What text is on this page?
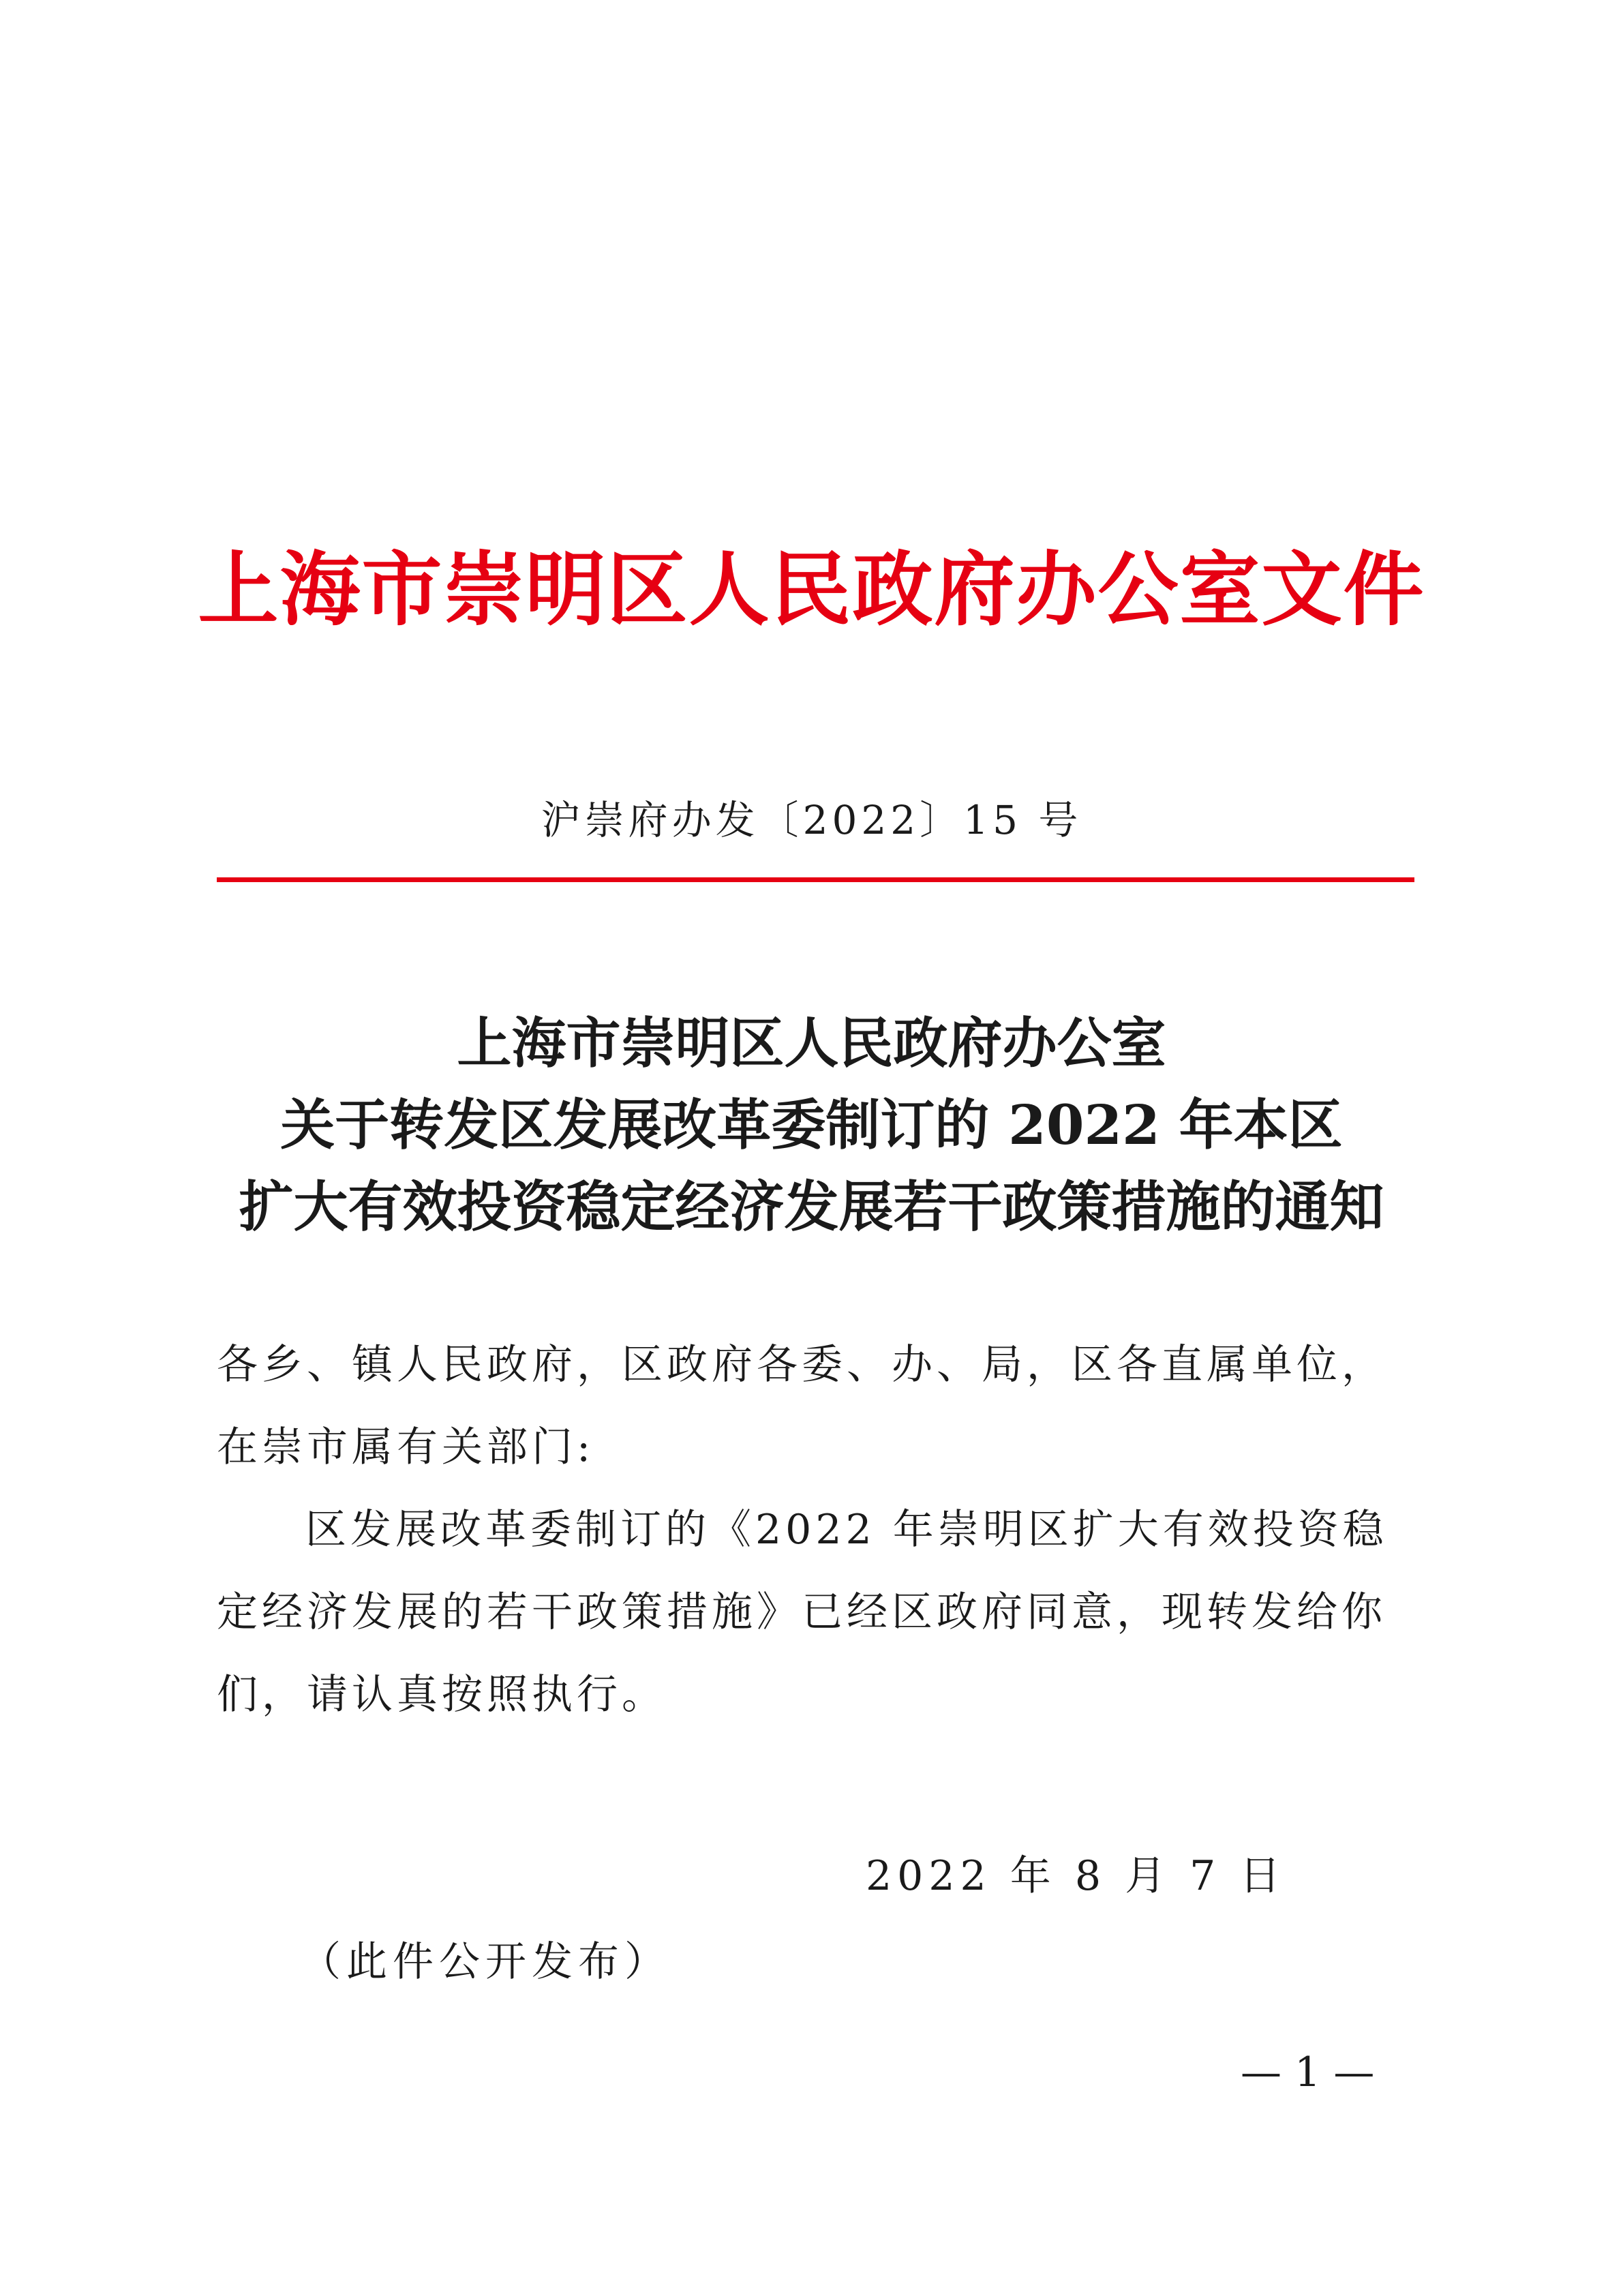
上海市崇明区人民政府办公室文件
沪崇府办发〔2022〕15 号
上海市崇明区人民政府办公室
关于转发区发展改革委制订的 2022 年本区
扩大有效投资稳定经济发展若干政策措施的通知
各乡、镇人民政府，区政府各委、办、局，区各直属单位，在崇市属有关部门:
区发展改革委制订的《2022 年崇明区扩大有效投资稳定经济发展的若干政策措施》已经区政府同意，现转发给你们，请认真按照执行。
2022 年 8 月 7 日
（此件公开发布）
— 1 —
